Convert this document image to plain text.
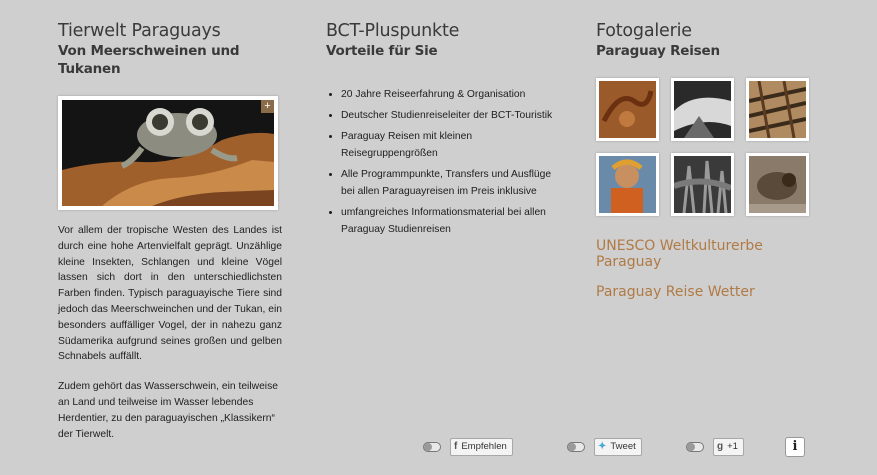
Tierwelt Paraguays
Von Meerschweinen und Tukanen
+

Vor allem der tropische Westen des Landes ist durch eine hohe Artenvielfalt geprägt. Unzählige kleine Insekten, Schlangen und kleine Vögel lassen sich dort in den unterschiedlichsten Farben finden. Typisch paraguayische Tiere sind jedoch das Meerschweinchen und der Tukan, ein besonders auffälliger Vogel, der in nahezu ganz Südamerika aufgrund seines großen und gelben Schnabels auffällt.

Zudem gehört das Wasserschwein, ein teilweise an Land und teilweise im Wasser lebendes Herdentier, zu den paraguayischen „Klassikern“ der Tierwelt.

BCT-Pluspunkte
Vorteile für Sie
• 20 Jahre Reiseerfahrung & Organisation
• Deutscher Studienreiseleiter der BCT-Touristik
• Paraguay Reisen mit kleinen Reisegruppengrößen
• Alle Programmpunkte, Transfers und Ausflüge bei allen Paraguayreisen im Preis inklusive
• umfangreiches Informationsmaterial bei allen Paraguay Studienreisen
Fotogalerie
Paraguay Reisen
UNESCO Weltkulturerbe Paraguay
Paraguay Reise Wetter
f Empfehlen	✦ Tweet	g +1	i
